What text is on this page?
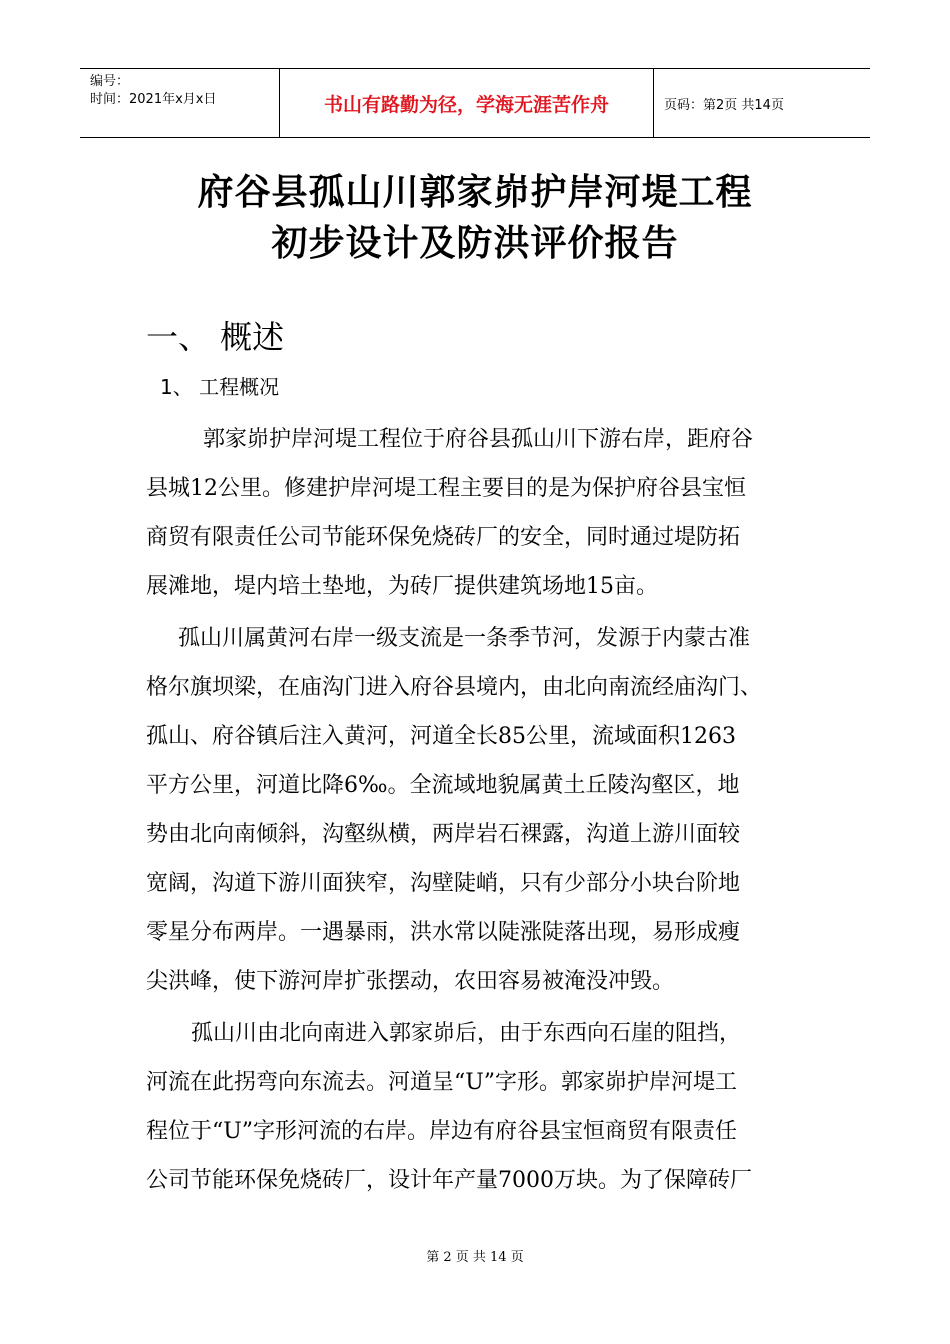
编号：
时间：2021年x月x日	书山有路勤为径，学海无涯苦作舟	页码：第2页 共14页
府谷县孤山川郭家峁护岸河堤工程
初步设计及防洪评价报告
一、 概述
1、 工程概况
郭家峁护岸河堤工程位于府谷县孤山川下游右岸，距府谷
县城12公里。修建护岸河堤工程主要目的是为保护府谷县宝恒
商贸有限责任公司节能环保免烧砖厂的安全，同时通过堤防拓
展滩地，堤内培土垫地，为砖厂提供建筑场地15亩。
孤山川属黄河右岸一级支流是一条季节河，发源于内蒙古准
格尔旗坝梁，在庙沟门进入府谷县境内，由北向南流经庙沟门、
孤山、府谷镇后注入黄河，河道全长85公里，流域面积1263
平方公里，河道比降6‰。全流域地貌属黄土丘陵沟壑区，地
势由北向南倾斜，沟壑纵横，两岸岩石裸露，沟道上游川面较
宽阔，沟道下游川面狭窄，沟壁陡峭，只有少部分小块台阶地
零星分布两岸。一遇暴雨，洪水常以陡涨陡落出现，易形成瘦
尖洪峰，使下游河岸扩张摆动，农田容易被淹没冲毁。
孤山川由北向南进入郭家峁后，由于东西向石崖的阻挡，
河流在此拐弯向东流去。河道呈“U”字形。郭家峁护岸河堤工
程位于“U”字形河流的右岸。岸边有府谷县宝恒商贸有限责任
公司节能环保免烧砖厂，设计年产量7000万块。为了保障砖厂
第 2 页 共 14 页
